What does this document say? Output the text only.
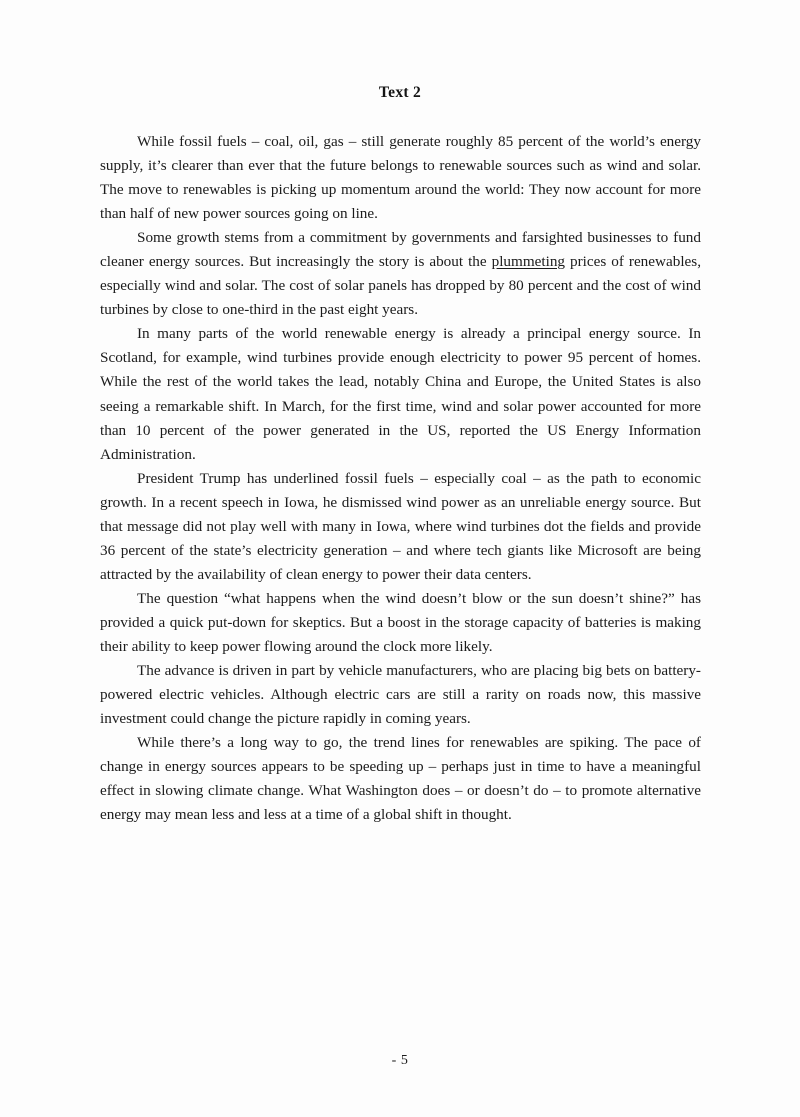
Text 2

While fossil fuels – coal, oil, gas – still generate roughly 85 percent of the world’s energy supply, it’s clearer than ever that the future belongs to renewable sources such as wind and solar. The move to renewables is picking up momentum around the world: They now account for more than half of new power sources going on line.

Some growth stems from a commitment by governments and farsighted businesses to fund cleaner energy sources. But increasingly the story is about the plummeting prices of renewables, especially wind and solar. The cost of solar panels has dropped by 80 percent and the cost of wind turbines by close to one-third in the past eight years.

In many parts of the world renewable energy is already a principal energy source. In Scotland, for example, wind turbines provide enough electricity to power 95 percent of homes. While the rest of the world takes the lead, notably China and Europe, the United States is also seeing a remarkable shift. In March, for the first time, wind and solar power accounted for more than 10 percent of the power generated in the US, reported the US Energy Information Administration.

President Trump has underlined fossil fuels – especially coal – as the path to economic growth. In a recent speech in Iowa, he dismissed wind power as an unreliable energy source. But that message did not play well with many in Iowa, where wind turbines dot the fields and provide 36 percent of the state’s electricity generation – and where tech giants like Microsoft are being attracted by the availability of clean energy to power their data centers.

The question “what happens when the wind doesn’t blow or the sun doesn’t shine?” has provided a quick put-down for skeptics. But a boost in the storage capacity of batteries is making their ability to keep power flowing around the clock more likely.

The advance is driven in part by vehicle manufacturers, who are placing big bets on battery-powered electric vehicles. Although electric cars are still a rarity on roads now, this massive investment could change the picture rapidly in coming years.

While there’s a long way to go, the trend lines for renewables are spiking. The pace of change in energy sources appears to be speeding up – perhaps just in time to have a meaningful effect in slowing climate change. What Washington does – or doesn’t do – to promote alternative energy may mean less and less at a time of a global shift in thought.

- 5
